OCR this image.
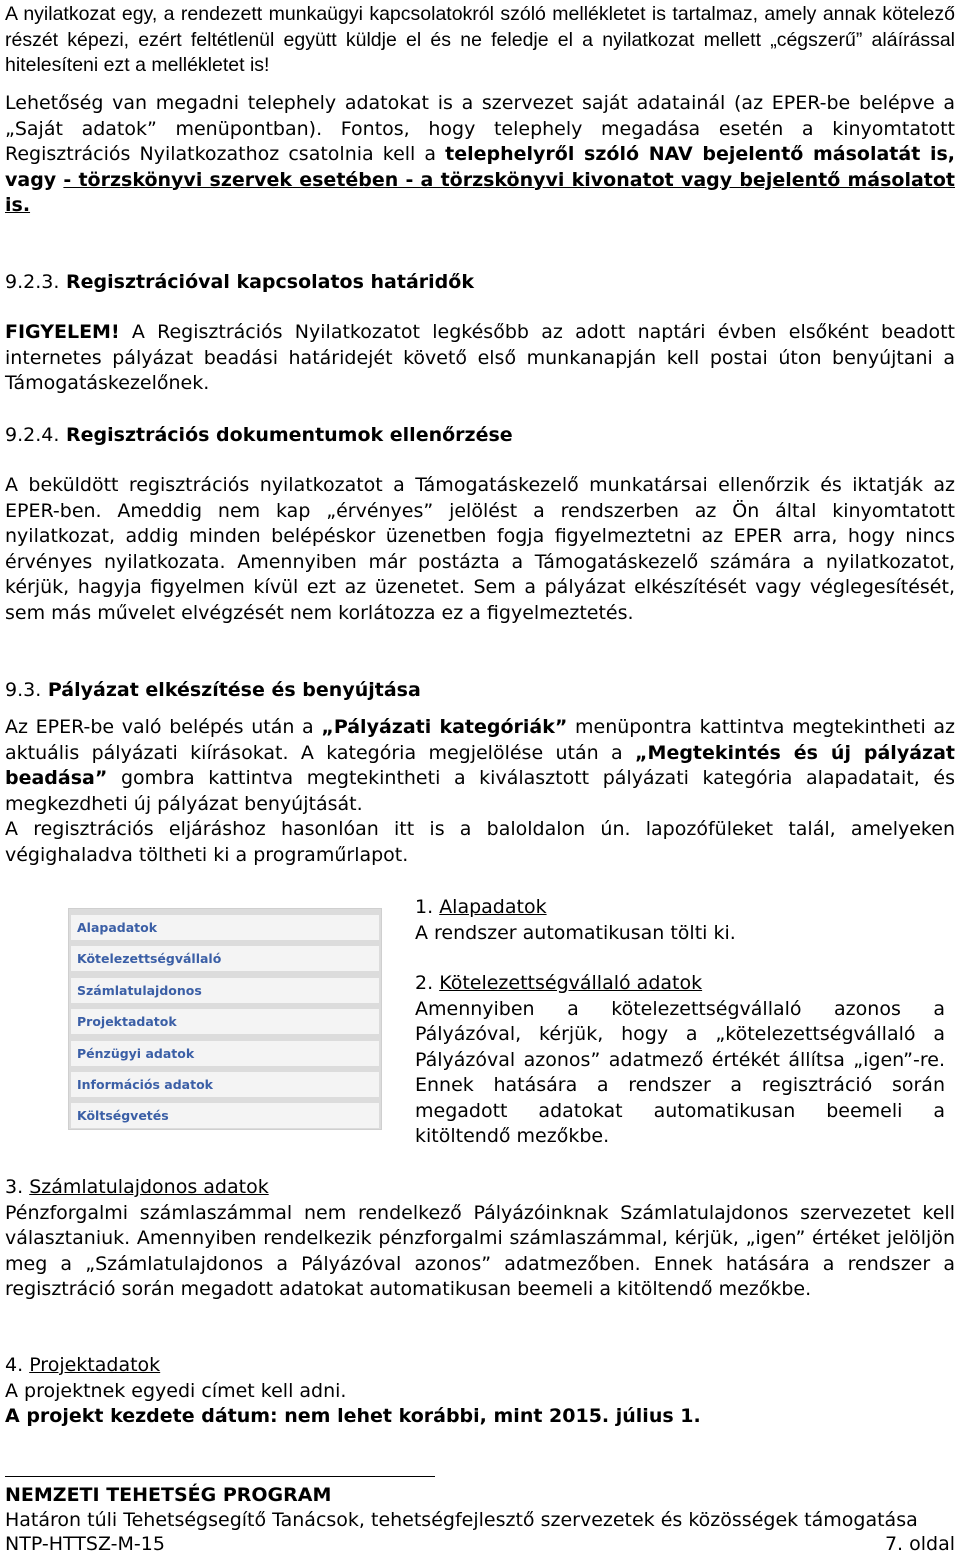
A nyilatkozat egy, a rendezett munkaügyi kapcsolatokról szóló mellékletet is tartalmaz, amely annak kötelező részét képezi, ezért feltétlenül együtt küldje el és ne feledje el a nyilatkozat mellett „cégszerű” aláírással hitelesíteni ezt a mellékletet is!

Lehetőség van megadni telephely adatokat is a szervezet saját adatainál (az EPER-be belépve a „Saját adatok” menüpontban). Fontos, hogy telephely megadása esetén a kinyomtatott Regisztrációs Nyilatkozathoz csatolnia kell a telephelyről szóló NAV bejelentő másolatát is, vagy - törzskönyvi szervek esetében - a törzskönyvi kivonatot vagy bejelentő másolatot is.

9.2.3. Regisztrációval kapcsolatos határidők

FIGYELEM! A Regisztrációs Nyilatkozatot legkésőbb az adott naptári évben elsőként beadott internetes pályázat beadási határidejét követő első munkanapján kell postai úton benyújtani a Támogatáskezelőnek.

9.2.4. Regisztrációs dokumentumok ellenőrzése

A beküldött regisztrációs nyilatkozatot a Támogatáskezelő munkatársai ellenőrzik és iktatják az EPER-ben. Ameddig nem kap „érvényes” jelölést a rendszerben az Ön által kinyomtatott nyilatkozat, addig minden belépéskor üzenetben fogja figyelmeztetni az EPER arra, hogy nincs érvényes nyilatkozata. Amennyiben már postázta a Támogatáskezelő számára a nyilatkozatot, kérjük, hagyja figyelmen kívül ezt az üzenetet. Sem a pályázat elkészítését vagy véglegesítését, sem más művelet elvégzését nem korlátozza ez a figyelmeztetés.

9.3. Pályázat elkészítése és benyújtása

Az EPER-be való belépés után a „Pályázati kategóriák” menüpontra kattintva megtekintheti az aktuális pályázati kiírásokat. A kategória megjelölése után a „Megtekintés és új pályázat beadása” gombra kattintva megtekintheti a kiválasztott pályázati kategória alapadatait, és megkezdheti új pályázat benyújtását.

A regisztrációs eljáráshoz hasonlóan itt is a baloldalon ún. lapozófüleket talál, amelyeken végighaladva töltheti ki a programűrlapot.

Alapadatok
Kötelezettségvállaló
Számlatulajdonos
Projektadatok
Pénzügyi adatok
Információs adatok
Költségvetés

1. Alapadatok

A rendszer automatikusan tölti ki.

2. Kötelezettségvállaló adatok

Amennyiben a kötelezettségvállaló azonos a Pályázóval, kérjük, hogy a „kötelezettségvállaló a Pályázóval azonos” adatmező értékét állítsa „igen”-re. Ennek hatására a rendszer a regisztráció során megadott adatokat automatikusan beemeli a kitöltendő mezőkbe.

3. Számlatulajdonos adatok

Pénzforgalmi számlaszámmal nem rendelkező Pályázóinknak Számlatulajdonos szervezetet kell választaniuk. Amennyiben rendelkezik pénzforgalmi számlaszámmal, kérjük, „igen” értéket jelöljön meg a „Számlatulajdonos a Pályázóval azonos” adatmezőben. Ennek hatására a rendszer a regisztráció során megadott adatokat automatikusan beemeli a kitöltendő mezőkbe.

4. Projektadatok

A projektnek egyedi címet kell adni.

A projekt kezdete dátum: nem lehet korábbi, mint 2015. július 1.

NEMZETI TEHETSÉG PROGRAM
Határon túli Tehetségsegítő Tanácsok, tehetségfejlesztő szervezetek és közösségek támogatása
NTP-HTTSZ-M-15	7. oldal
